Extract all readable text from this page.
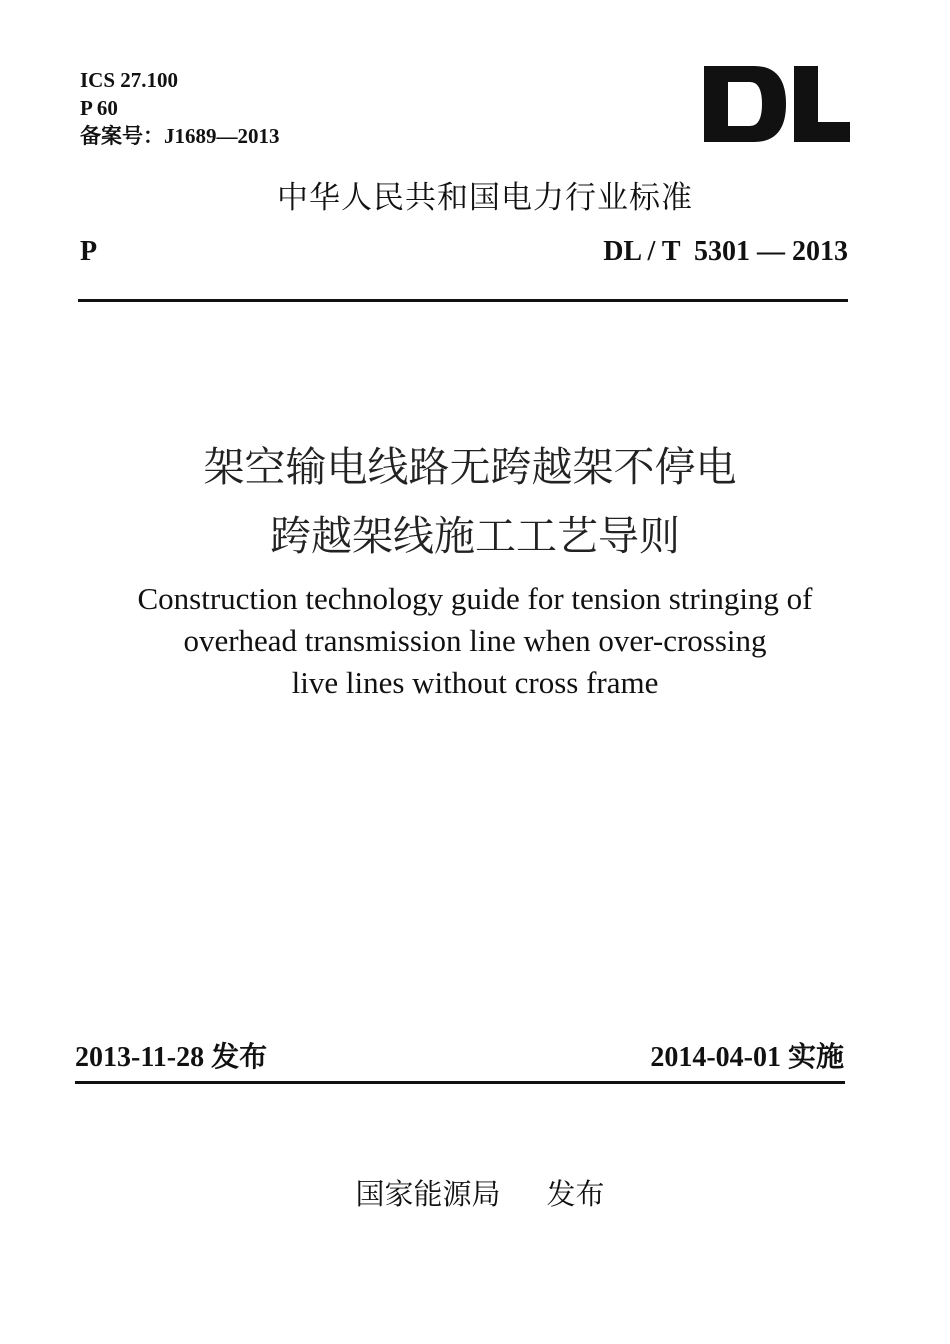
ICS 27.100
P 60
备案号：J1689—2013
中华人民共和国电力行业标准
P	DL / T  5301 — 2013
架空输电线路无跨越架不停电
跨越架线施工工艺导则
Construction technology guide for tension stringing of
overhead transmission line when over-crossing
live lines without cross frame
2013-11-28 发布	2014-04-01 实施
国家能源局     发布
